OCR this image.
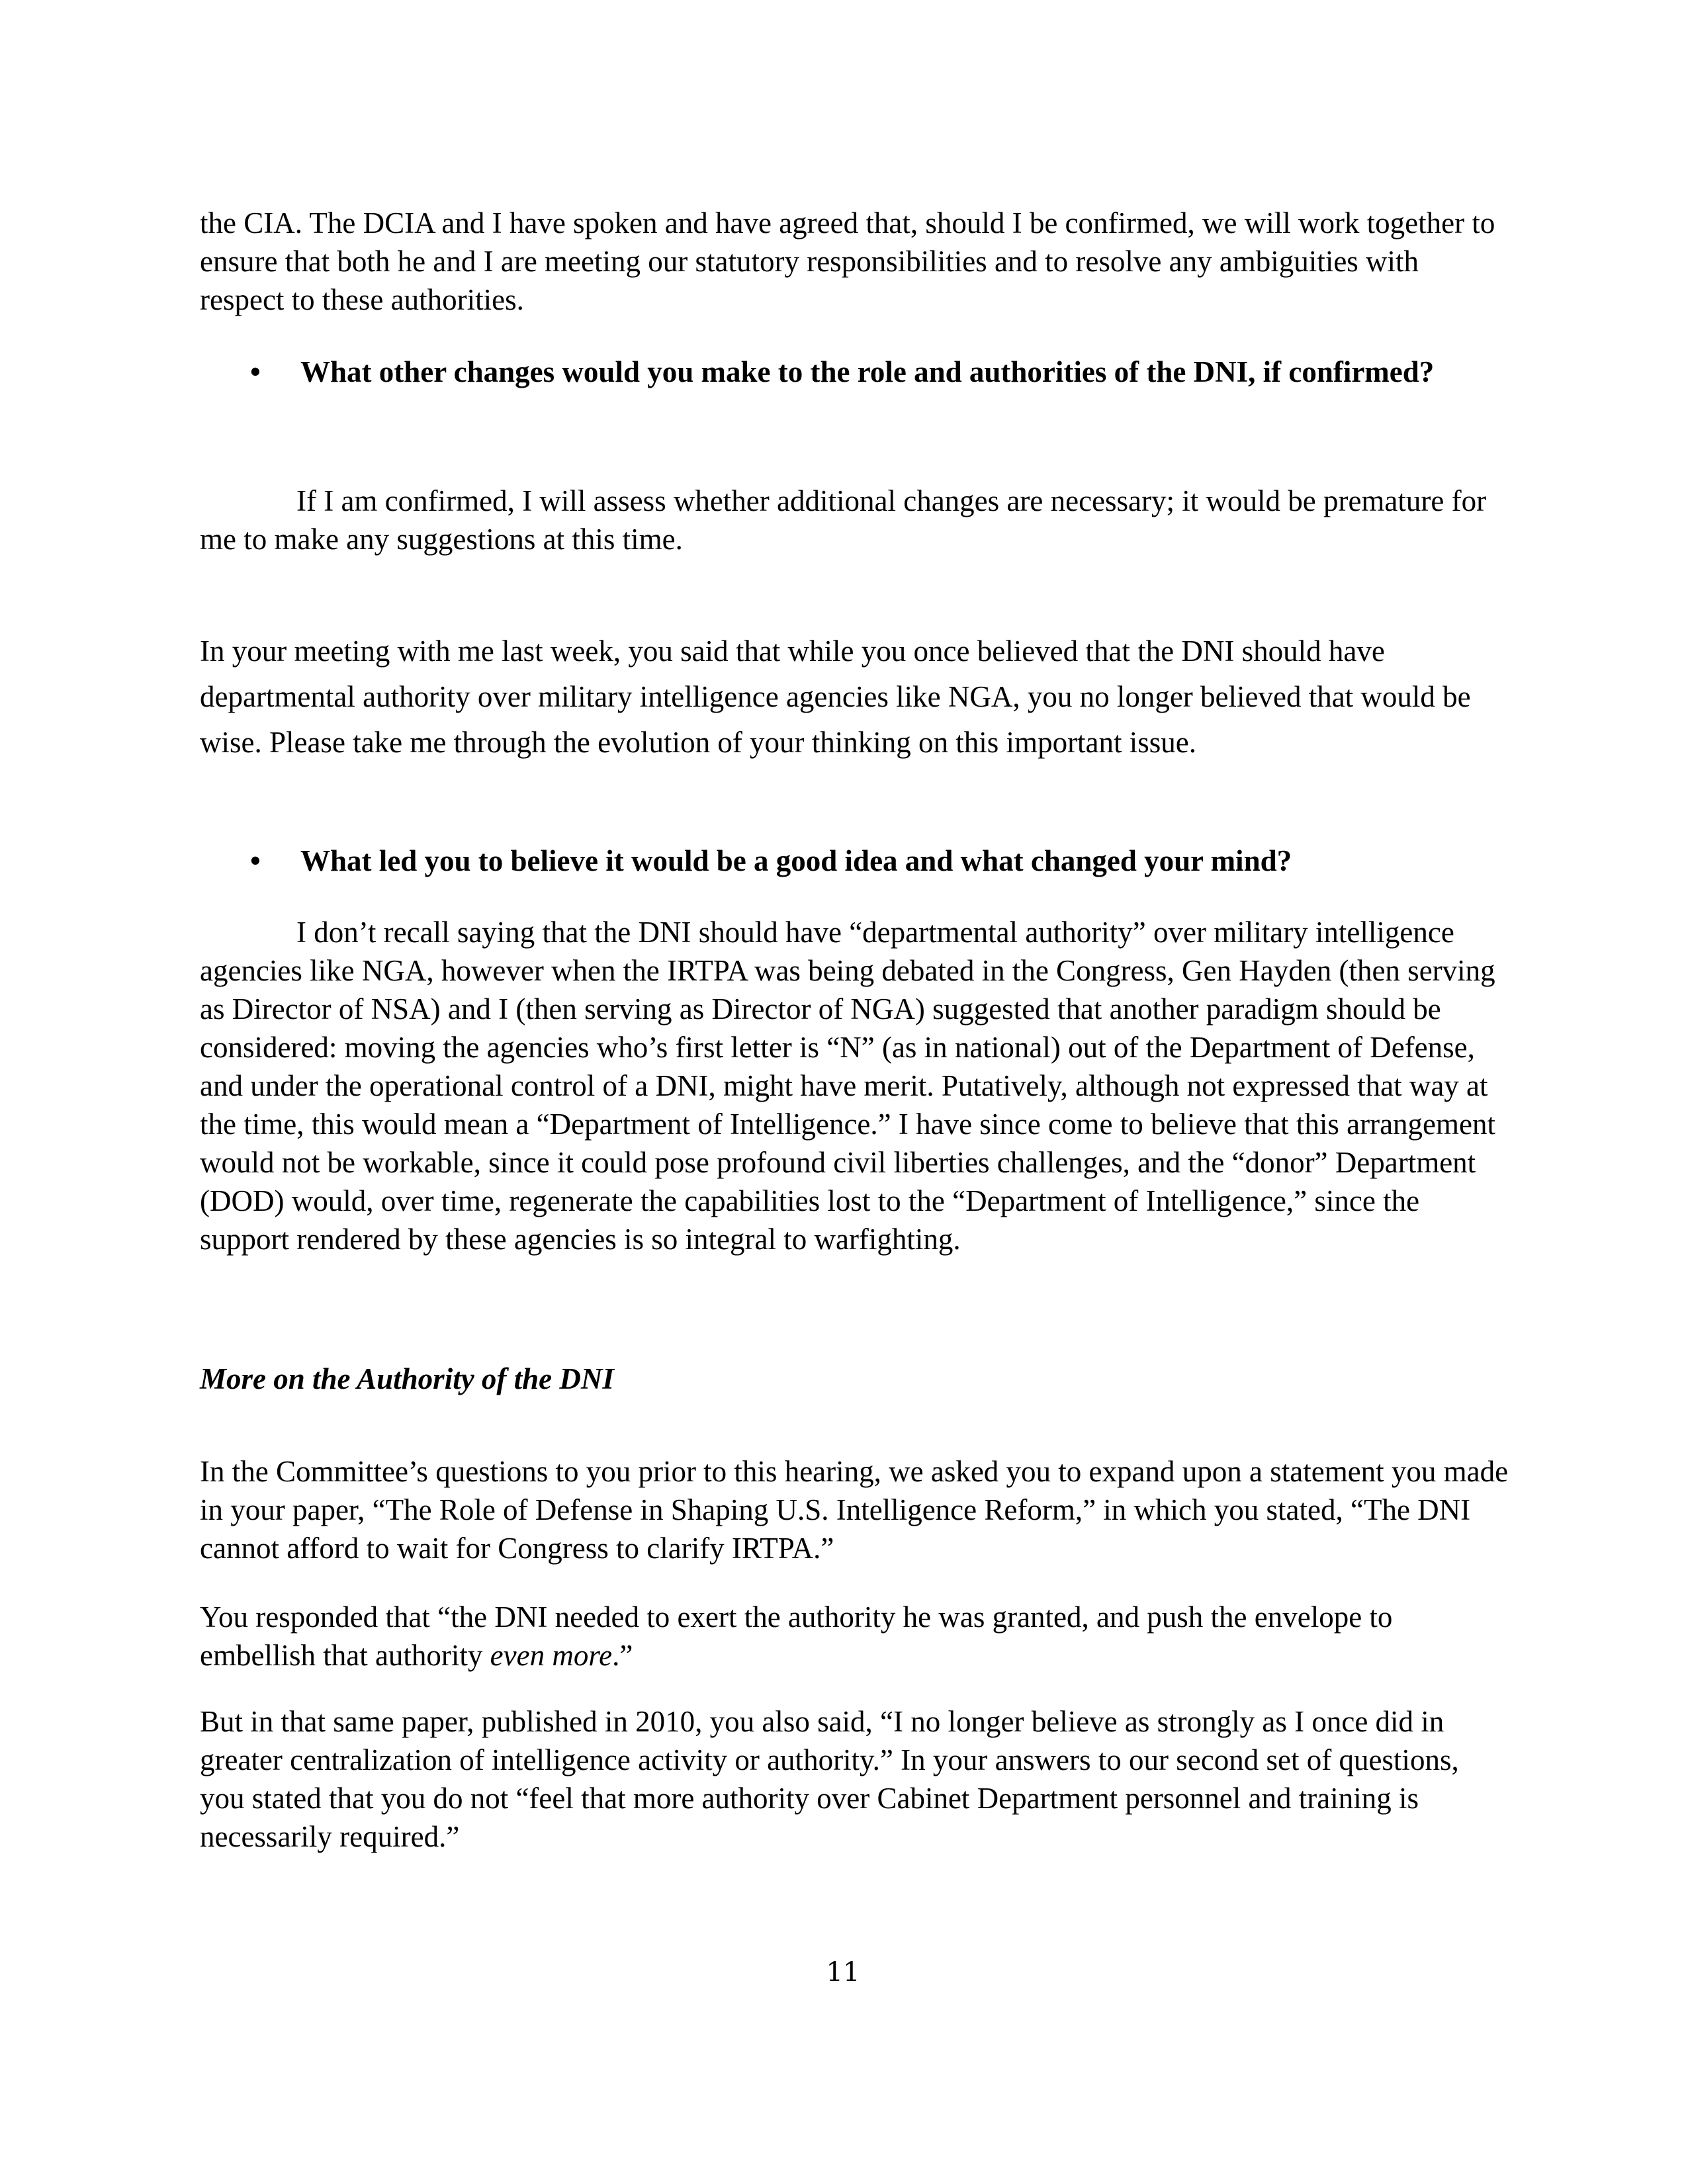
the CIA. The DCIA and I have spoken and have agreed that, should I be confirmed, we will work together to ensure that both he and I are meeting our statutory responsibilities and to resolve any ambiguities with respect to these authorities.

• What other changes would you make to the role and authorities of the DNI, if confirmed?

If I am confirmed, I will assess whether additional changes are necessary; it would be premature for me to make any suggestions at this time.

In your meeting with me last week, you said that while you once believed that the DNI should have departmental authority over military intelligence agencies like NGA, you no longer believed that would be wise. Please take me through the evolution of your thinking on this important issue.

• What led you to believe it would be a good idea and what changed your mind?

I don’t recall saying that the DNI should have “departmental authority” over military intelligence agencies like NGA, however when the IRTPA was being debated in the Congress, Gen Hayden (then serving as Director of NSA) and I (then serving as Director of NGA) suggested that another paradigm should be considered: moving the agencies who’s first letter is “N” (as in national) out of the Department of Defense, and under the operational control of a DNI, might have merit. Putatively, although not expressed that way at the time, this would mean a “Department of Intelligence.” I have since come to believe that this arrangement would not be workable, since it could pose profound civil liberties challenges, and the “donor” Department (DOD) would, over time, regenerate the capabilities lost to the “Department of Intelligence,” since the support rendered by these agencies is so integral to warfighting.

More on the Authority of the DNI

In the Committee’s questions to you prior to this hearing, we asked you to expand upon a statement you made in your paper, “The Role of Defense in Shaping U.S. Intelligence Reform,” in which you stated, “The DNI cannot afford to wait for Congress to clarify IRTPA.”

You responded that “the DNI needed to exert the authority he was granted, and push the envelope to embellish that authority even more.”

But in that same paper, published in 2010, you also said, “I no longer believe as strongly as I once did in greater centralization of intelligence activity or authority.” In your answers to our second set of questions, you stated that you do not “feel that more authority over Cabinet Department personnel and training is necessarily required.”

11
